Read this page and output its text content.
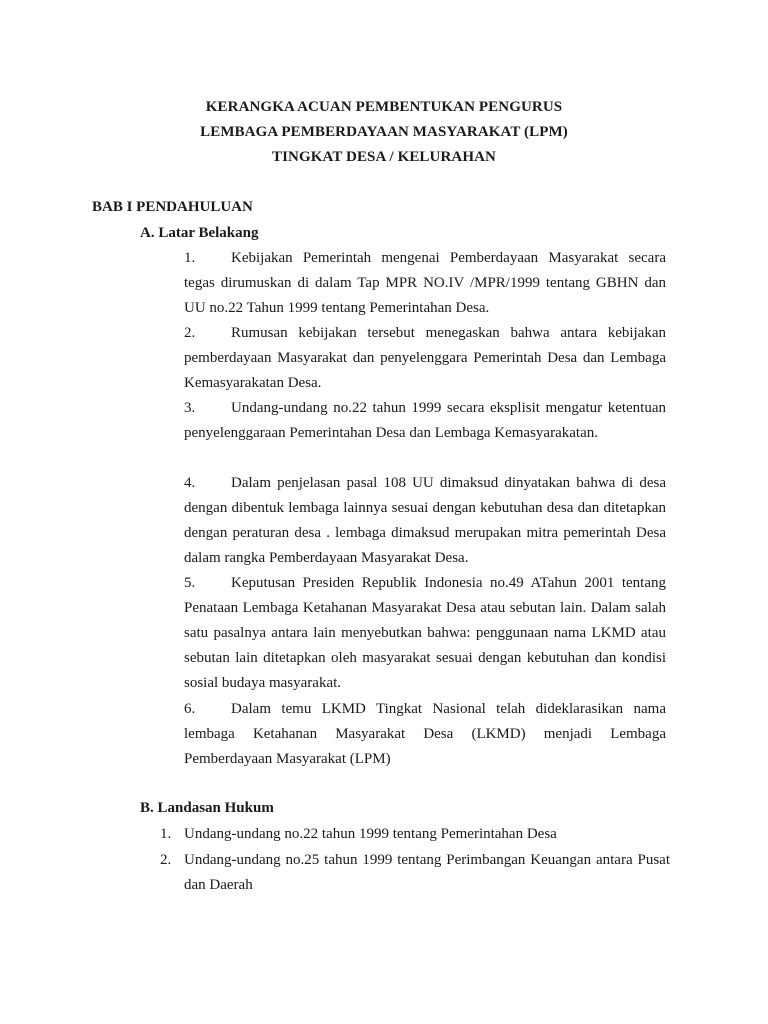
KERANGKA ACUAN PEMBENTUKAN PENGURUS
LEMBAGA PEMBERDAYAAN MASYARAKAT (LPM)
TINGKAT DESA / KELURAHAN
BAB I PENDAHULUAN
A. Latar Belakang
1. Kebijakan Pemerintah mengenai Pemberdayaan Masyarakat secara tegas dirumuskan di dalam Tap MPR NO.IV /MPR/1999 tentang GBHN dan UU no.22 Tahun 1999 tentang Pemerintahan Desa.
2. Rumusan kebijakan tersebut menegaskan bahwa antara kebijakan pemberdayaan Masyarakat dan penyelenggara Pemerintah Desa dan Lembaga Kemasyarakatan Desa.
3. Undang-undang no.22 tahun 1999 secara eksplisit mengatur ketentuan penyelenggaraan Pemerintahan Desa dan Lembaga Kemasyarakatan.
4. Dalam penjelasan pasal 108 UU dimaksud dinyatakan bahwa di desa dengan dibentuk lembaga lainnya sesuai dengan kebutuhan desa dan ditetapkan dengan peraturan desa . lembaga dimaksud merupakan mitra pemerintah Desa dalam rangka Pemberdayaan Masyarakat Desa.
5. Keputusan Presiden Republik Indonesia no.49 ATahun 2001 tentang Penataan Lembaga Ketahanan Masyarakat Desa atau sebutan lain. Dalam salah satu pasalnya antara lain menyebutkan bahwa: penggunaan nama LKMD atau sebutan lain ditetapkan oleh masyarakat sesuai dengan kebutuhan dan kondisi sosial budaya masyarakat.
6. Dalam temu LKMD Tingkat Nasional telah dideklarasikan nama lembaga Ketahanan Masyarakat Desa (LKMD) menjadi Lembaga Pemberdayaan Masyarakat (LPM)
B. Landasan Hukum
1. Undang-undang no.22 tahun 1999 tentang Pemerintahan Desa
2. Undang-undang no.25 tahun 1999 tentang Perimbangan Keuangan antara Pusat dan Daerah
